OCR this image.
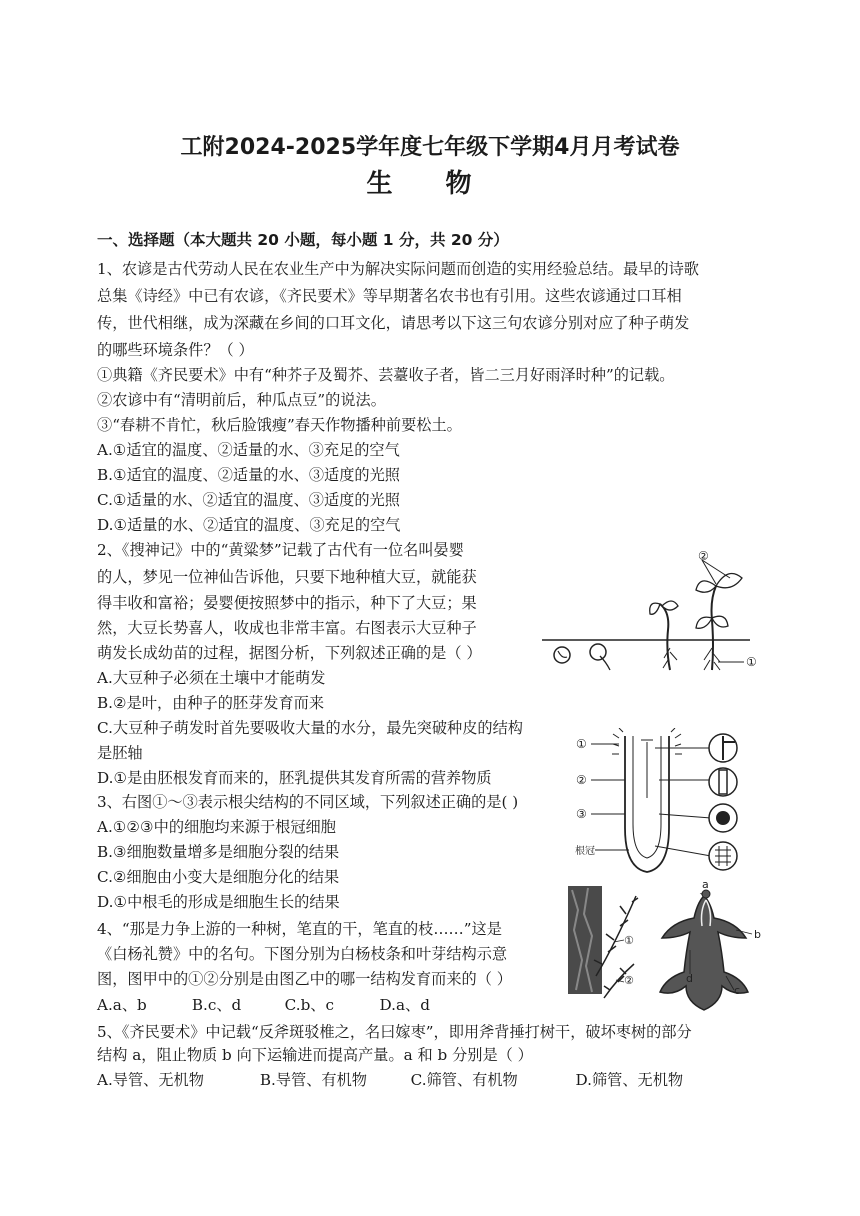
工附2024-2025学年度七年级下学期4月月考试卷
生 物
一、选择题（本大题共 20 小题，每小题 1 分，共 20 分）
1、农谚是古代劳动人民在农业生产中为解决实际问题而创造的实用经验总结。最早的诗歌
总集《诗经》中已有农谚，《齐民要术》等早期著名农书也有引用。这些农谚通过口耳相
传，世代相继，成为深藏在乡间的口耳文化，请思考以下这三句农谚分别对应了种子萌发
的哪些环境条件？（ ）
①典籍《齐民要术》中有“种芥子及蜀芥、芸薹收子者，皆二三月好雨泽时种”的记载。
②农谚中有“清明前后，种瓜点豆”的说法。
③“春耕不肯忙，秋后脸饿瘦”春天作物播种前要松土。
A.①适宜的温度、②适量的水、③充足的空气
B.①适宜的温度、②适量的水、③适度的光照
C.①适量的水、②适宜的温度、③适度的光照
D.①适量的水、②适宜的温度、③充足的空气
2、《搜神记》中的“黄粱梦”记载了古代有一位名叫晏婴
的人，梦见一位神仙告诉他，只要下地种植大豆，就能获
得丰收和富裕；晏婴便按照梦中的指示，种下了大豆；果
然，大豆长势喜人，收成也非常丰富。右图表示大豆种子
萌发长成幼苗的过程，据图分析，下列叙述正确的是（ ）
A.大豆种子必须在土壤中才能萌发
B.②是叶，由种子的胚芽发育而来
C.大豆种子萌发时首先要吸收大量的水分，最先突破种皮的结构
是胚轴
D.①是由胚根发育而来的，胚乳提供其发育所需的营养物质
3、右图①～③表示根尖结构的不同区域，下列叙述正确的是( )
A.①②③中的细胞均来源于根冠细胞
B.③细胞数量增多是细胞分裂的结果
C.②细胞由小变大是细胞分化的结果
D.①中根毛的形成是细胞生长的结果
4、“那是力争上游的一种树，笔直的干，笔直的枝……”这是
《白杨礼赞》中的名句。下图分别为白杨枝条和叶芽结构示意
图，图甲中的①②分别是由图乙中的哪一结构发育而来的（ ）
A.a、b	B.c、d	C.b、c	D.a、d
5、《齐民要术》中记载“反斧斑驳椎之，名曰嫁枣”，即用斧背捶打树干，破坏枣树的部分
结构 a，阻止物质 b 向下运输进而提高产量。a 和 b 分别是（ ）
A.导管、无机物	B.导管、有机物	C.筛管、有机物	D.筛管、无机物
②
①
①
②
③
根冠
①
②
a
b
c
d
